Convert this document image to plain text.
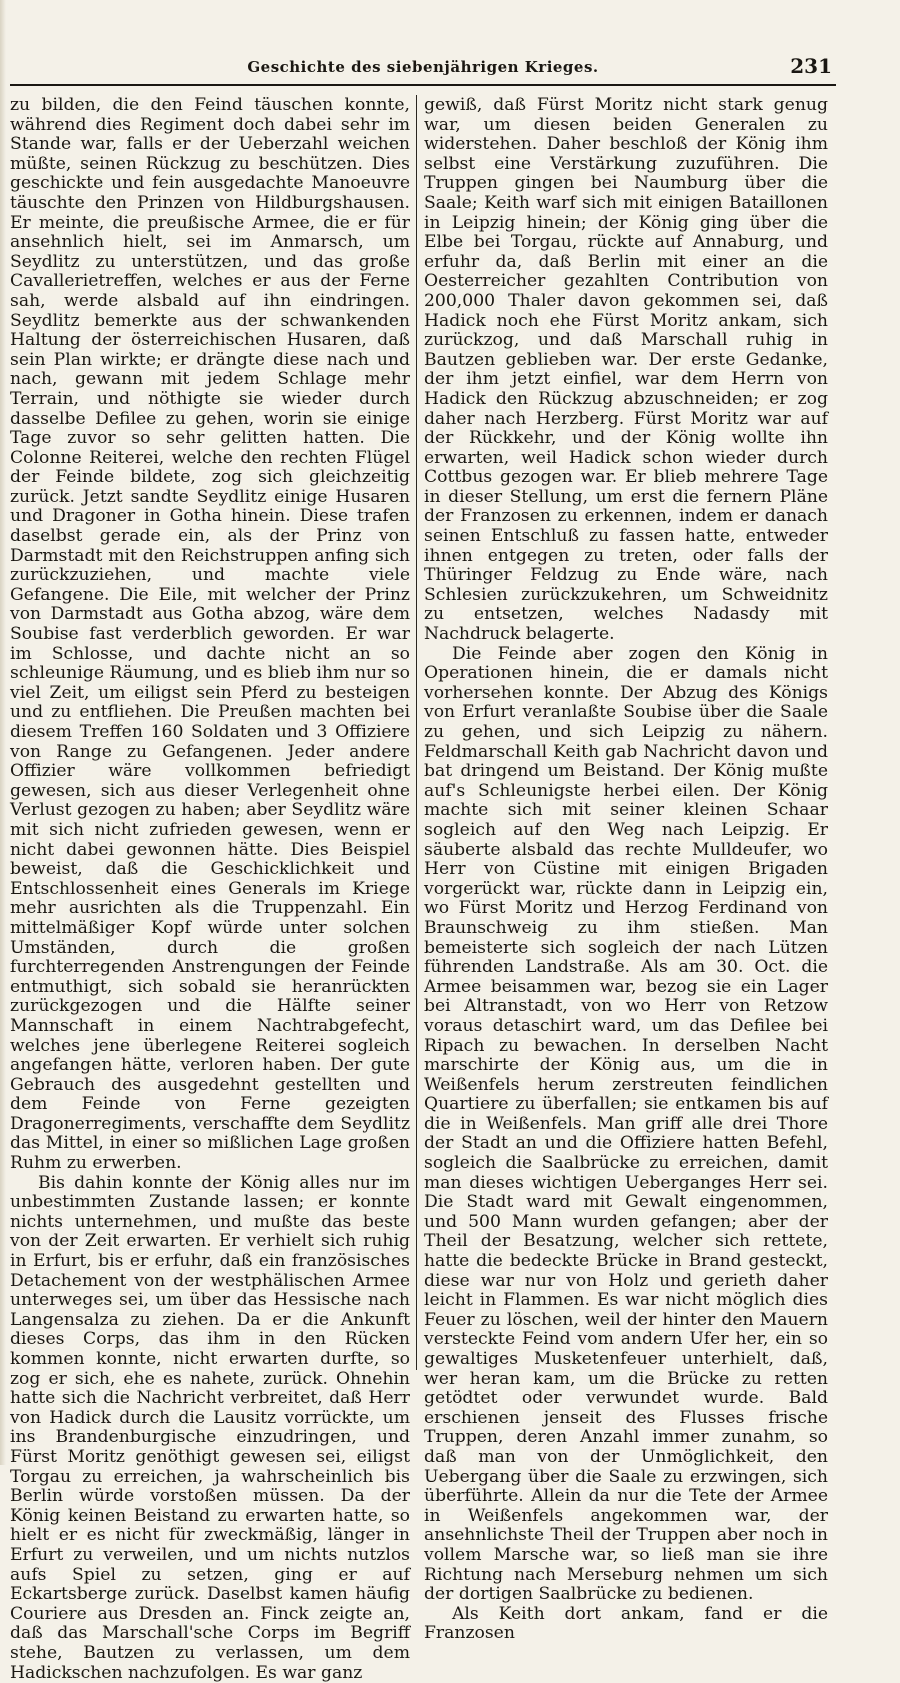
Geschichte des siebenjährigen Krieges.	231

zu bilden, die den Feind täuschen konnte, während dies Regiment doch dabei sehr im Stande war, falls er der Ueberzahl weichen müßte, seinen Rückzug zu beschützen. Dies geschickte und fein ausgedachte Manoeuvre täuschte den Prinzen von Hildburgshausen. Er meinte, die preußische Armee, die er für ansehnlich hielt, sei im Anmarsch, um Seydlitz zu unterstützen, und das große Cavallerietreffen, welches er aus der Ferne sah, werde alsbald auf ihn eindringen. Seydlitz bemerkte aus der schwankenden Haltung der österreichischen Husaren, daß sein Plan wirkte; er drängte diese nach und nach, gewann mit jedem Schlage mehr Terrain, und nöthigte sie wieder durch dasselbe Defilee zu gehen, worin sie einige Tage zuvor so sehr gelitten hatten. Die Colonne Reiterei, welche den rechten Flügel der Feinde bildete, zog sich gleichzeitig zurück. Jetzt sandte Seydlitz einige Husaren und Dragoner in Gotha hinein. Diese trafen daselbst gerade ein, als der Prinz von Darmstadt mit den Reichstruppen anfing sich zurückzuziehen, und machte viele Gefangene. Die Eile, mit welcher der Prinz von Darmstadt aus Gotha abzog, wäre dem Soubise fast verderblich geworden. Er war im Schlosse, und dachte nicht an so schleunige Räumung, und es blieb ihm nur so viel Zeit, um eiligst sein Pferd zu besteigen und zu entfliehen. Die Preußen machten bei diesem Treffen 160 Soldaten und 3 Offiziere von Range zu Gefangenen. Jeder andere Offizier wäre vollkommen befriedigt gewesen, sich aus dieser Verlegenheit ohne Verlust gezogen zu haben; aber Seydlitz wäre mit sich nicht zufrieden gewesen, wenn er nicht dabei gewonnen hätte. Dies Beispiel beweist, daß die Geschicklichkeit und Entschlossenheit eines Generals im Kriege mehr ausrichten als die Truppenzahl. Ein mittelmäßiger Kopf würde unter solchen Umständen, durch die großen furchterregenden Anstrengungen der Feinde entmuthigt, sich sobald sie heranrückten zurückgezogen und die Hälfte seiner Mannschaft in einem Nachtrabgefecht, welches jene überlegene Reiterei sogleich angefangen hätte, verloren haben. Der gute Gebrauch des ausgedehnt gestellten und dem Feinde von Ferne gezeigten Dragonerregiments, verschaffte dem Seydlitz das Mittel, in einer so mißlichen Lage großen Ruhm zu erwerben.

Bis dahin konnte der König alles nur im unbestimmten Zustande lassen; er konnte nichts unternehmen, und mußte das beste von der Zeit erwarten. Er verhielt sich ruhig in Erfurt, bis er erfuhr, daß ein französisches Detachement von der westphälischen Armee unterweges sei, um über das Hessische nach Langensalza zu ziehen. Da er die Ankunft dieses Corps, das ihm in den Rücken kommen konnte, nicht erwarten durfte, so zog er sich, ehe es nahete, zurück. Ohnehin hatte sich die Nachricht verbreitet, daß Herr von Hadick durch die Lausitz vorrückte, um ins Brandenburgische einzudringen, und Fürst Moritz genöthigt gewesen sei, eiligst Torgau zu erreichen, ja wahrscheinlich bis Berlin würde vorstoßen müssen. Da der König keinen Beistand zu erwarten hatte, so hielt er es nicht für zweckmäßig, länger in Erfurt zu verweilen, und um nichts nutzlos aufs Spiel zu setzen, ging er auf Eckartsberge zurück. Daselbst kamen häufig Couriere aus Dresden an. Finck zeigte an, daß das Marschall'sche Corps im Begriff stehe, Bautzen zu verlassen, um dem Hadickschen nachzufolgen. Es war ganz

gewiß, daß Fürst Moritz nicht stark genug war, um diesen beiden Generalen zu widerstehen. Daher beschloß der König ihm selbst eine Verstärkung zuzuführen. Die Truppen gingen bei Naumburg über die Saale; Keith warf sich mit einigen Bataillonen in Leipzig hinein; der König ging über die Elbe bei Torgau, rückte auf Annaburg, und erfuhr da, daß Berlin mit einer an die Oesterreicher gezahlten Contribution von 200,000 Thaler davon gekommen sei, daß Hadick noch ehe Fürst Moritz ankam, sich zurückzog, und daß Marschall ruhig in Bautzen geblieben war. Der erste Gedanke, der ihm jetzt einfiel, war dem Herrn von Hadick den Rückzug abzuschneiden; er zog daher nach Herzberg. Fürst Moritz war auf der Rückkehr, und der König wollte ihn erwarten, weil Hadick schon wieder durch Cottbus gezogen war. Er blieb mehrere Tage in dieser Stellung, um erst die fernern Pläne der Franzosen zu erkennen, indem er danach seinen Entschluß zu fassen hatte, entweder ihnen entgegen zu treten, oder falls der Thüringer Feldzug zu Ende wäre, nach Schlesien zurückzukehren, um Schweidnitz zu entsetzen, welches Nadasdy mit Nachdruck belagerte.

Die Feinde aber zogen den König in Operationen hinein, die er damals nicht vorhersehen konnte. Der Abzug des Königs von Erfurt veranlaßte Soubise über die Saale zu gehen, und sich Leipzig zu nähern. Feldmarschall Keith gab Nachricht davon und bat dringend um Beistand. Der König mußte auf's Schleunigste herbei eilen. Der König machte sich mit seiner kleinen Schaar sogleich auf den Weg nach Leipzig. Er säuberte alsbald das rechte Mulldeufer, wo Herr von Cüstine mit einigen Brigaden vorgerückt war, rückte dann in Leipzig ein, wo Fürst Moritz und Herzog Ferdinand von Braunschweig zu ihm stießen. Man bemeisterte sich sogleich der nach Lützen führenden Landstraße. Als am 30. Oct. die Armee beisammen war, bezog sie ein Lager bei Altranstadt, von wo Herr von Retzow voraus detaschirt ward, um das Defilee bei Ripach zu bewachen. In derselben Nacht marschirte der König aus, um die in Weißenfels herum zerstreuten feindlichen Quartiere zu überfallen; sie entkamen bis auf die in Weißenfels. Man griff alle drei Thore der Stadt an und die Offiziere hatten Befehl, sogleich die Saalbrücke zu erreichen, damit man dieses wichtigen Ueberganges Herr sei. Die Stadt ward mit Gewalt eingenommen, und 500 Mann wurden gefangen; aber der Theil der Besatzung, welcher sich rettete, hatte die bedeckte Brücke in Brand gesteckt, diese war nur von Holz und gerieth daher leicht in Flammen. Es war nicht möglich dies Feuer zu löschen, weil der hinter den Mauern versteckte Feind vom andern Ufer her, ein so gewaltiges Musketenfeuer unterhielt, daß, wer heran kam, um die Brücke zu retten getödtet oder verwundet wurde. Bald erschienen jenseit des Flusses frische Truppen, deren Anzahl immer zunahm, so daß man von der Unmöglichkeit, den Uebergang über die Saale zu erzwingen, sich überführte. Allein da nur die Tete der Armee in Weißenfels angekommen war, der ansehnlichste Theil der Truppen aber noch in vollem Marsche war, so ließ man sie ihre Richtung nach Merseburg nehmen um sich der dortigen Saalbrücke zu bedienen.

Als Keith dort ankam, fand er die Franzosen
